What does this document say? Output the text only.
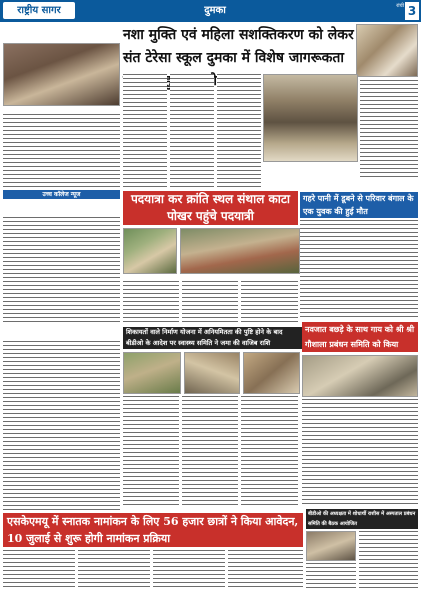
राष्ट्रीय सागर	दुमका	रांची 3
नशा मुक्ति एवं महिला सशक्तिकरण को लेकर संत टेरेसा स्कूल दुमका में विशेष जागरूकता
उच्च कॉलेज न्यूज	पदयात्रा कर क्रांति स्थल संथाल काटा पोखर पहुंचे पदयात्री
गहरे पानी में डूबने से परिवार बंगाल के एक युवक की हुई मौत
शिकायतों वाले निर्माण योजना में अनियमितता की पुष्टि होने के बाद बीडीओ के आदेश पर स्वास्थ्य समिति ने जमा की वाजिब राशि
नवजात बछड़े के साथ गाय को श्री श्री गौशाला प्रबंधन समिति को किया
एसकेएमयू में स्नातक नामांकन के लिए 56 हजार छात्रों ने किया आवेदन, 10 जुलाई से शुरू होगी नामांकन प्रक्रिया
बीडीओ की अध्यक्षता में शोधार्थी राशीस में अस्पताल प्रबंधन समिति की बैठक आयोजित
